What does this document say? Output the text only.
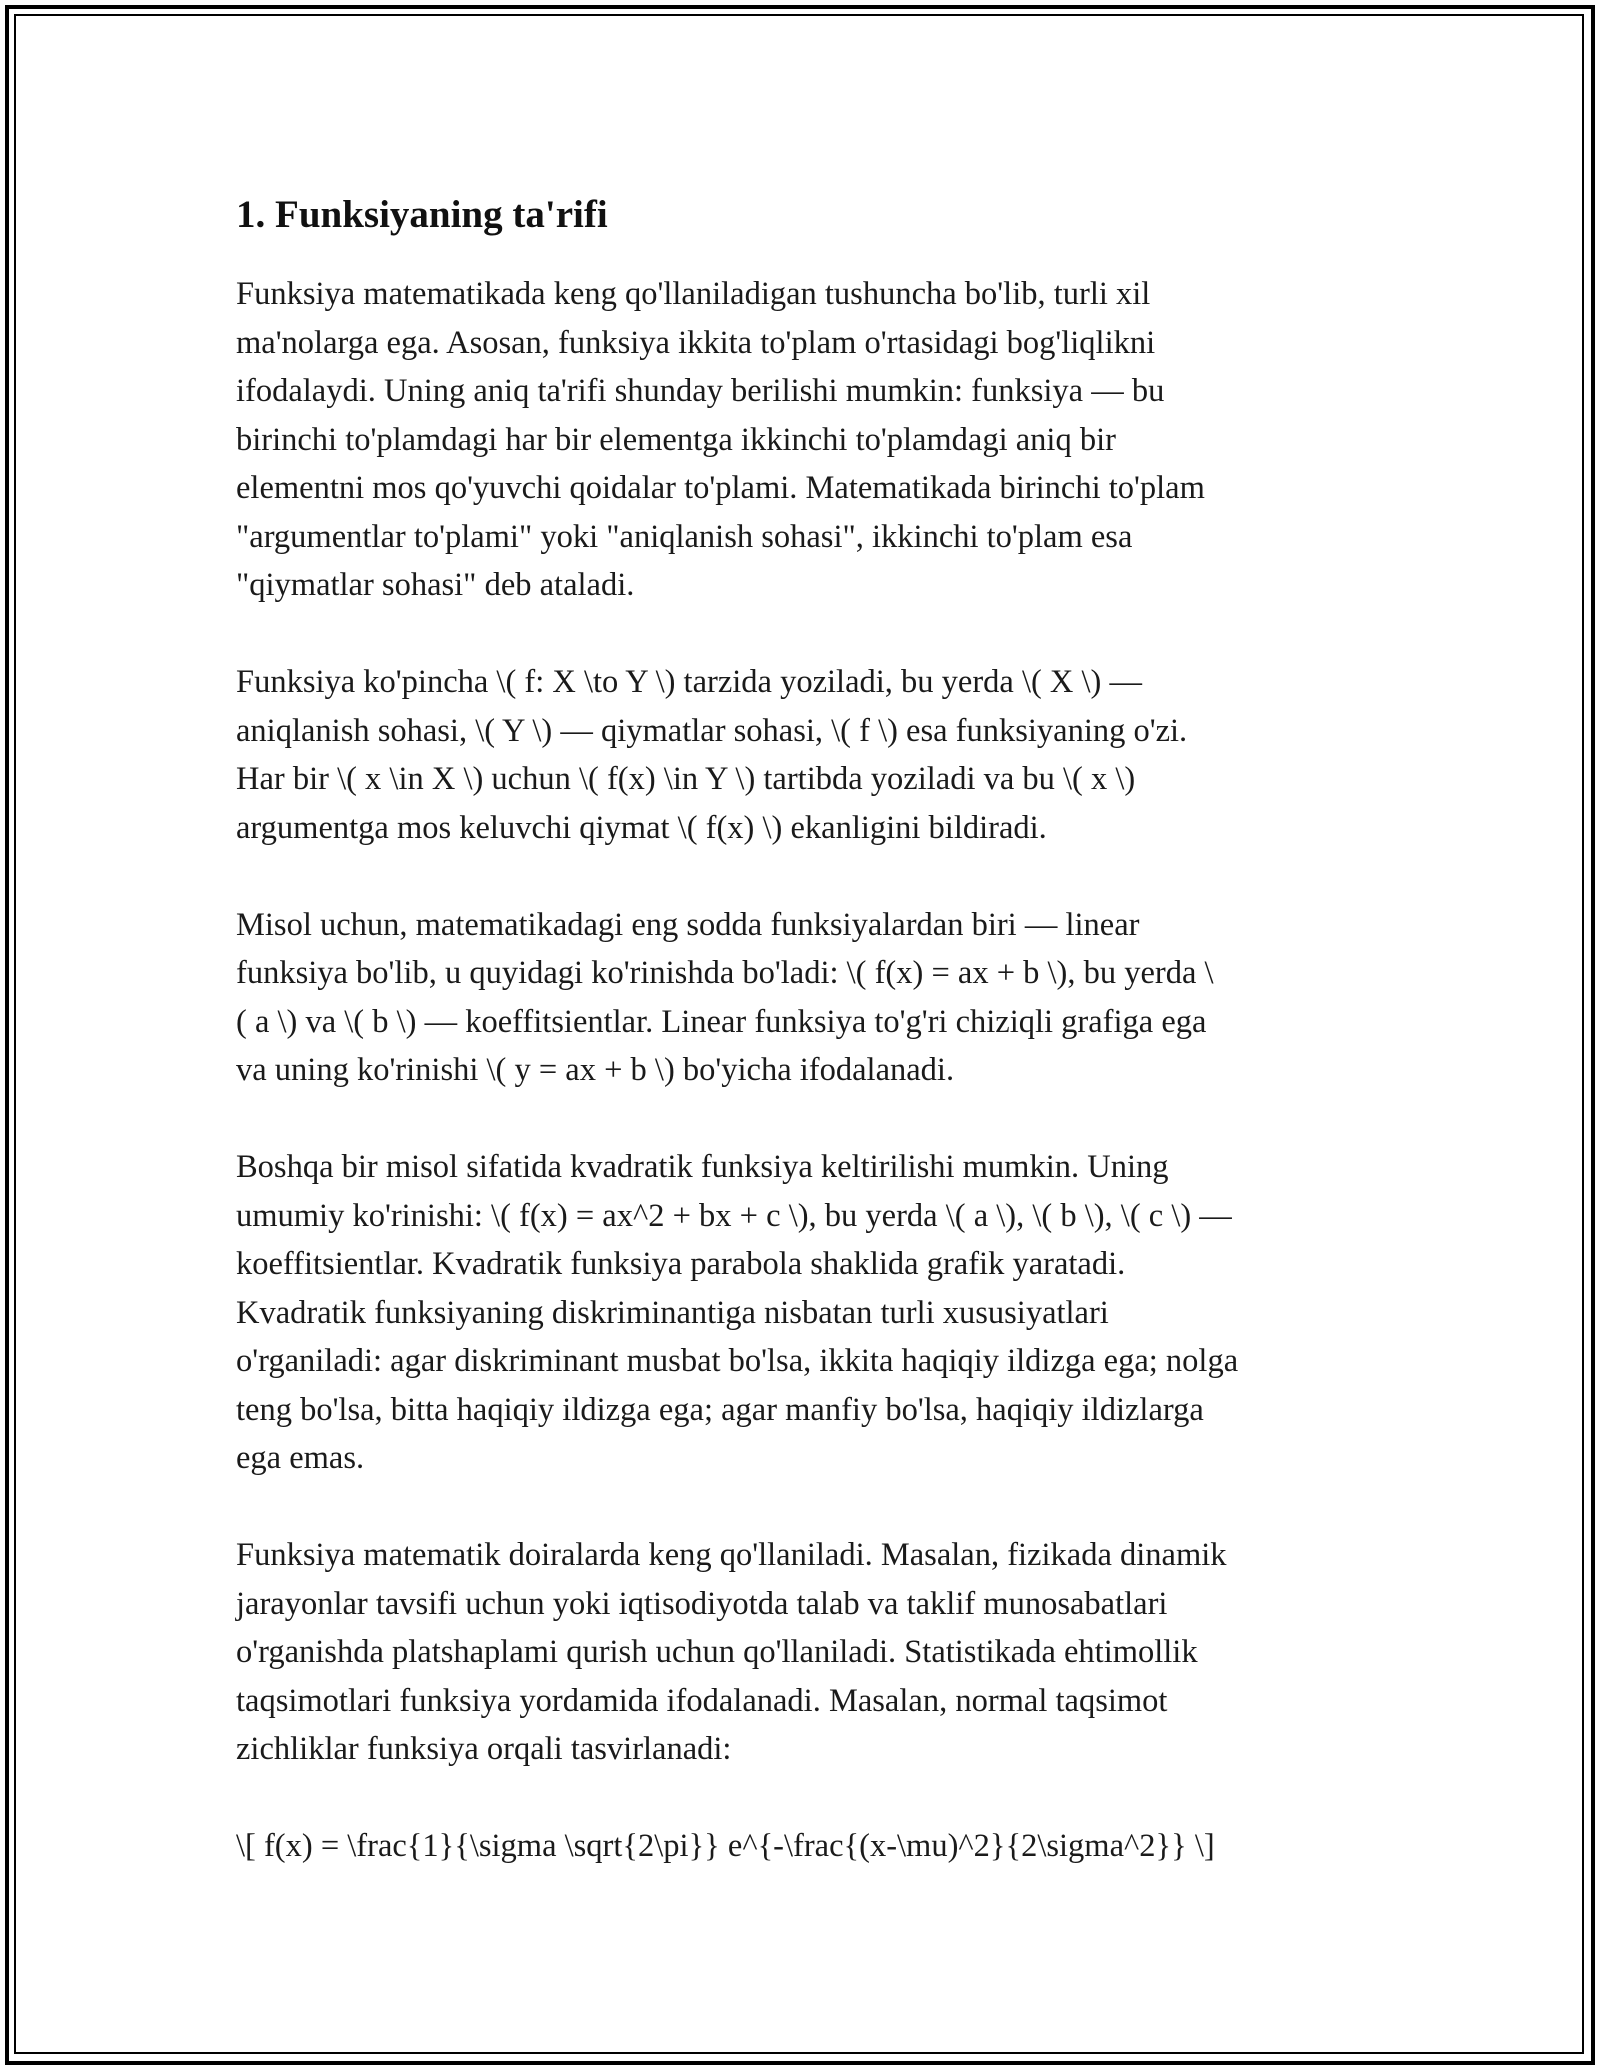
1. Funksiyaning ta'rifi
Funksiya matematikada keng qo'llaniladigan tushuncha bo'lib, turli xil
ma'nolarga ega. Asosan, funksiya ikkita to'plam o'rtasidagi bog'liqlikni
ifodalaydi. Uning aniq ta'rifi shunday berilishi mumkin: funksiya — bu
birinchi to'plamdagi har bir elementga ikkinchi to'plamdagi aniq bir
elementni mos qo'yuvchi qoidalar to'plami. Matematikada birinchi to'plam
"argumentlar to'plami" yoki "aniqlanish sohasi", ikkinchi to'plam esa
"qiymatlar sohasi" deb ataladi.
Funksiya ko'pincha \( f: X \to Y \) tarzida yoziladi, bu yerda \( X \) —
aniqlanish sohasi, \( Y \) — qiymatlar sohasi, \( f \) esa funksiyaning o'zi.
Har bir \( x \in X \) uchun \( f(x) \in Y \) tartibda yoziladi va bu \( x \)
argumentga mos keluvchi qiymat \( f(x) \) ekanligini bildiradi.
Misol uchun, matematikadagi eng sodda funksiyalardan biri — linear
funksiya bo'lib, u quyidagi ko'rinishda bo'ladi: \( f(x) = ax + b \), bu yerda \
( a \) va \( b \) — koeffitsientlar. Linear funksiya to'g'ri chiziqli grafiga ega
va uning ko'rinishi \( y = ax + b \) bo'yicha ifodalanadi.
Boshqa bir misol sifatida kvadratik funksiya keltirilishi mumkin. Uning
umumiy ko'rinishi: \( f(x) = ax^2 + bx + c \), bu yerda \( a \), \( b \), \( c \) —
koeffitsientlar. Kvadratik funksiya parabola shaklida grafik yaratadi.
Kvadratik funksiyaning diskriminantiga nisbatan turli xususiyatlari
o'rganiladi: agar diskriminant musbat bo'lsa, ikkita haqiqiy ildizga ega; nolga
teng bo'lsa, bitta haqiqiy ildizga ega; agar manfiy bo'lsa, haqiqiy ildizlarga
ega emas.
Funksiya matematik doiralarda keng qo'llaniladi. Masalan, fizikada dinamik
jarayonlar tavsifi uchun yoki iqtisodiyotda talab va taklif munosabatlari
o'rganishda platshaplami qurish uchun qo'llaniladi. Statistikada ehtimollik
taqsimotlari funksiya yordamida ifodalanadi. Masalan, normal taqsimot
zichliklar funksiya orqali tasvirlanadi:
\[ f(x) = \frac{1}{\sigma \sqrt{2\pi}} e^{-\frac{(x-\mu)^2}{2\sigma^2}} \]
